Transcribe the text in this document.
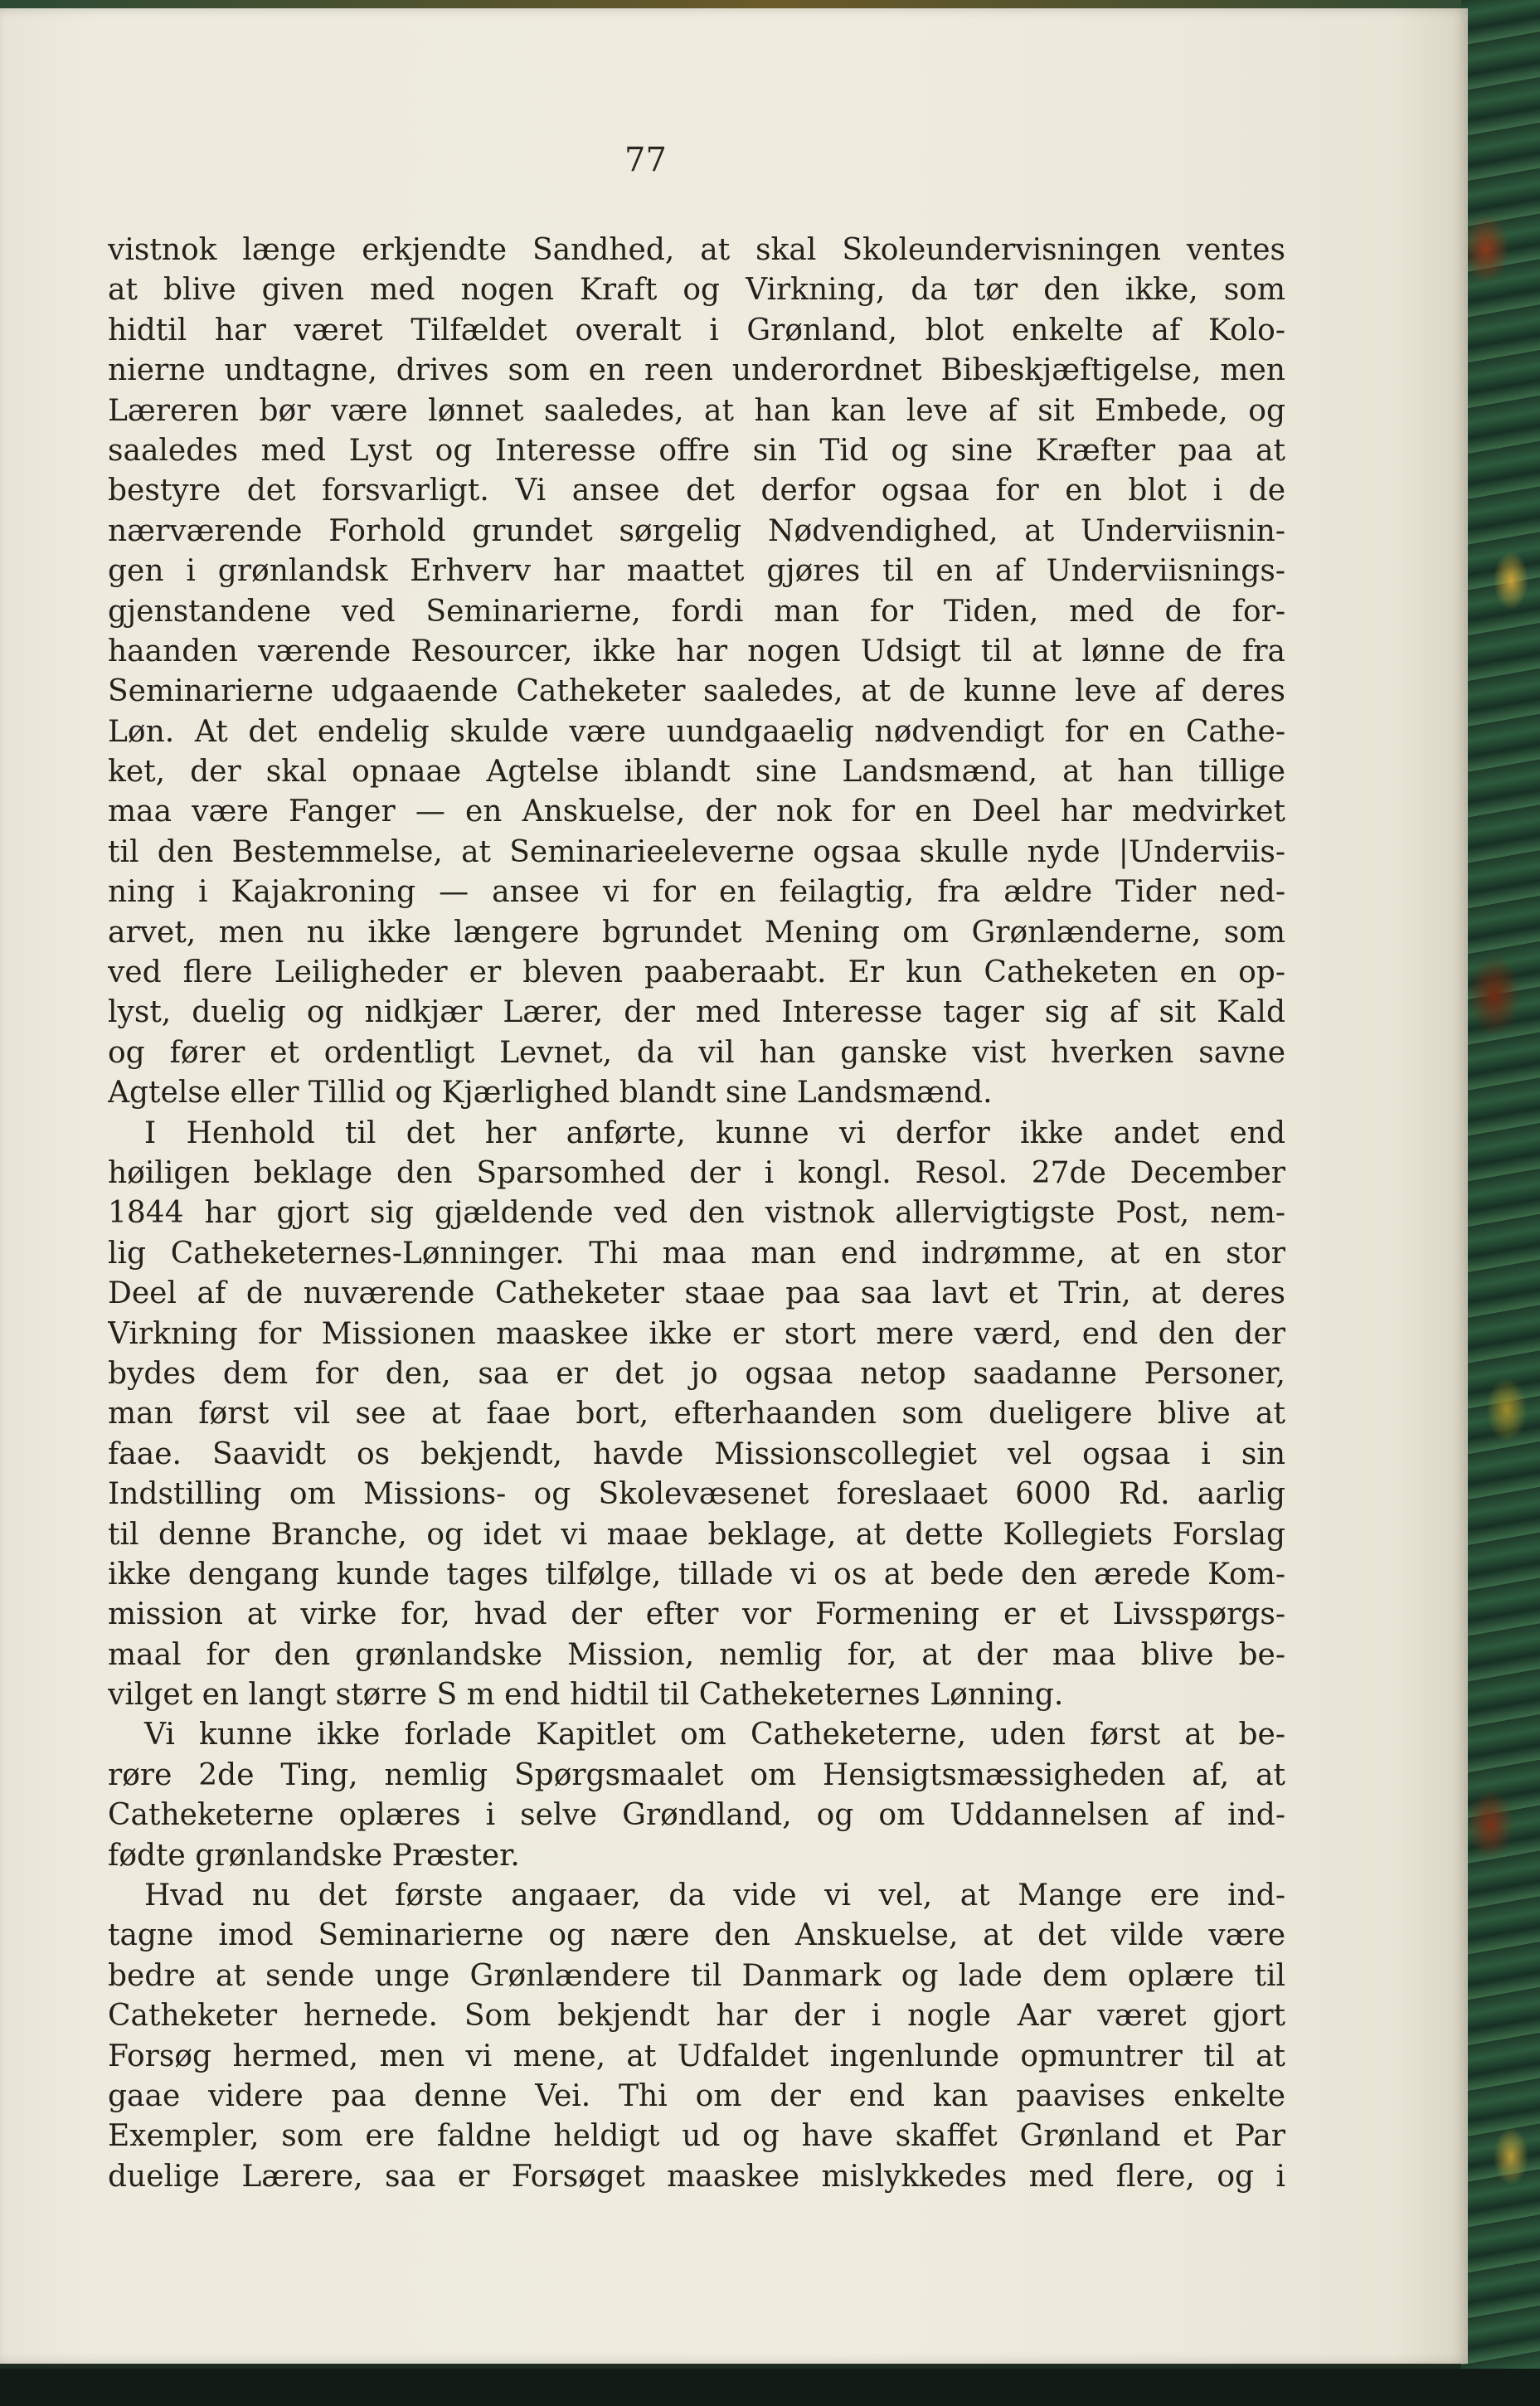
77

vistnok længe erkjendte Sandhed, at skal Skoleundervisningen ventes
at blive given med nogen Kraft og Virkning, da tør den ikke, som
hidtil har været Tilfældet overalt i Grønland, blot enkelte af Kolo-
nierne undtagne, drives som en reen underordnet Bibeskjæftigelse, men
Læreren bør være lønnet saaledes, at han kan leve af sit Embede, og
saaledes med Lyst og Interesse offre sin Tid og sine Kræfter paa at
bestyre det forsvarligt. Vi ansee det derfor ogsaa for en blot i de
nærværende Forhold grundet sørgelig Nødvendighed, at Underviisnin-
gen i grønlandsk Erhverv har maattet gjøres til en af Underviisnings-
gjenstandene ved Seminarierne, fordi man for Tiden, med de for-
haanden værende Resourcer, ikke har nogen Udsigt til at lønne de fra
Seminarierne udgaaende Catheketer saaledes, at de kunne leve af deres
Løn. At det endelig skulde være uundgaaelig nødvendigt for en Cathe-
ket, der skal opnaae Agtelse iblandt sine Landsmænd, at han tillige
maa være Fanger — en Anskuelse, der nok for en Deel har medvirket
til den Bestemmelse, at Seminarieeleverne ogsaa skulle nyde |Underviis-
ning i Kajakroning — ansee vi for en feilagtig, fra ældre Tider ned-
arvet, men nu ikke længere bgrundet Mening om Grønlænderne, som
ved flere Leiligheder er bleven paaberaabt. Er kun Catheketen en op-
lyst, duelig og nidkjær Lærer, der med Interesse tager sig af sit Kald
og fører et ordentligt Levnet, da vil han ganske vist hverken savne
Agtelse eller Tillid og Kjærlighed blandt sine Landsmænd.
I Henhold til det her anførte, kunne vi derfor ikke andet end
høiligen beklage den Sparsomhed der i kongl. Resol. 27de December
1844 har gjort sig gjældende ved den vistnok allervigtigste Post, nem-
lig Catheketernes-Lønninger. Thi maa man end indrømme, at en stor
Deel af de nuværende Catheketer staae paa saa lavt et Trin, at deres
Virkning for Missionen maaskee ikke er stort mere værd, end den der
bydes dem for den, saa er det jo ogsaa netop saadanne Personer,
man først vil see at faae bort, efterhaanden som dueligere blive at
faae. Saavidt os bekjendt, havde Missionscollegiet vel ogsaa i sin
Indstilling om Missions- og Skolevæsenet foreslaaet 6000 Rd. aarlig
til denne Branche, og idet vi maae beklage, at dette Kollegiets Forslag
ikke dengang kunde tages tilfølge, tillade vi os at bede den ærede Kom-
mission at virke for, hvad der efter vor Formening er et Livsspørgs-
maal for den grønlandske Mission, nemlig for, at der maa blive be-
vilget en langt større S m end hidtil til Catheketernes Lønning.
Vi kunne ikke forlade Kapitlet om Catheketerne, uden først at be-
røre 2de Ting, nemlig Spørgsmaalet om Hensigtsmæssigheden af, at
Catheketerne oplæres i selve Grøndland, og om Uddannelsen af ind-
fødte grønlandske Præster.
Hvad nu det første angaaer, da vide vi vel, at Mange ere ind-
tagne imod Seminarierne og nære den Anskuelse, at det vilde være
bedre at sende unge Grønlændere til Danmark og lade dem oplære til
Catheketer hernede. Som bekjendt har der i nogle Aar været gjort
Forsøg hermed, men vi mene, at Udfaldet ingenlunde opmuntrer til at
gaae videre paa denne Vei. Thi om der end kan paavises enkelte
Exempler, som ere faldne heldigt ud og have skaffet Grønland et Par
duelige Lærere, saa er Forsøget maaskee mislykkedes med flere, og i
